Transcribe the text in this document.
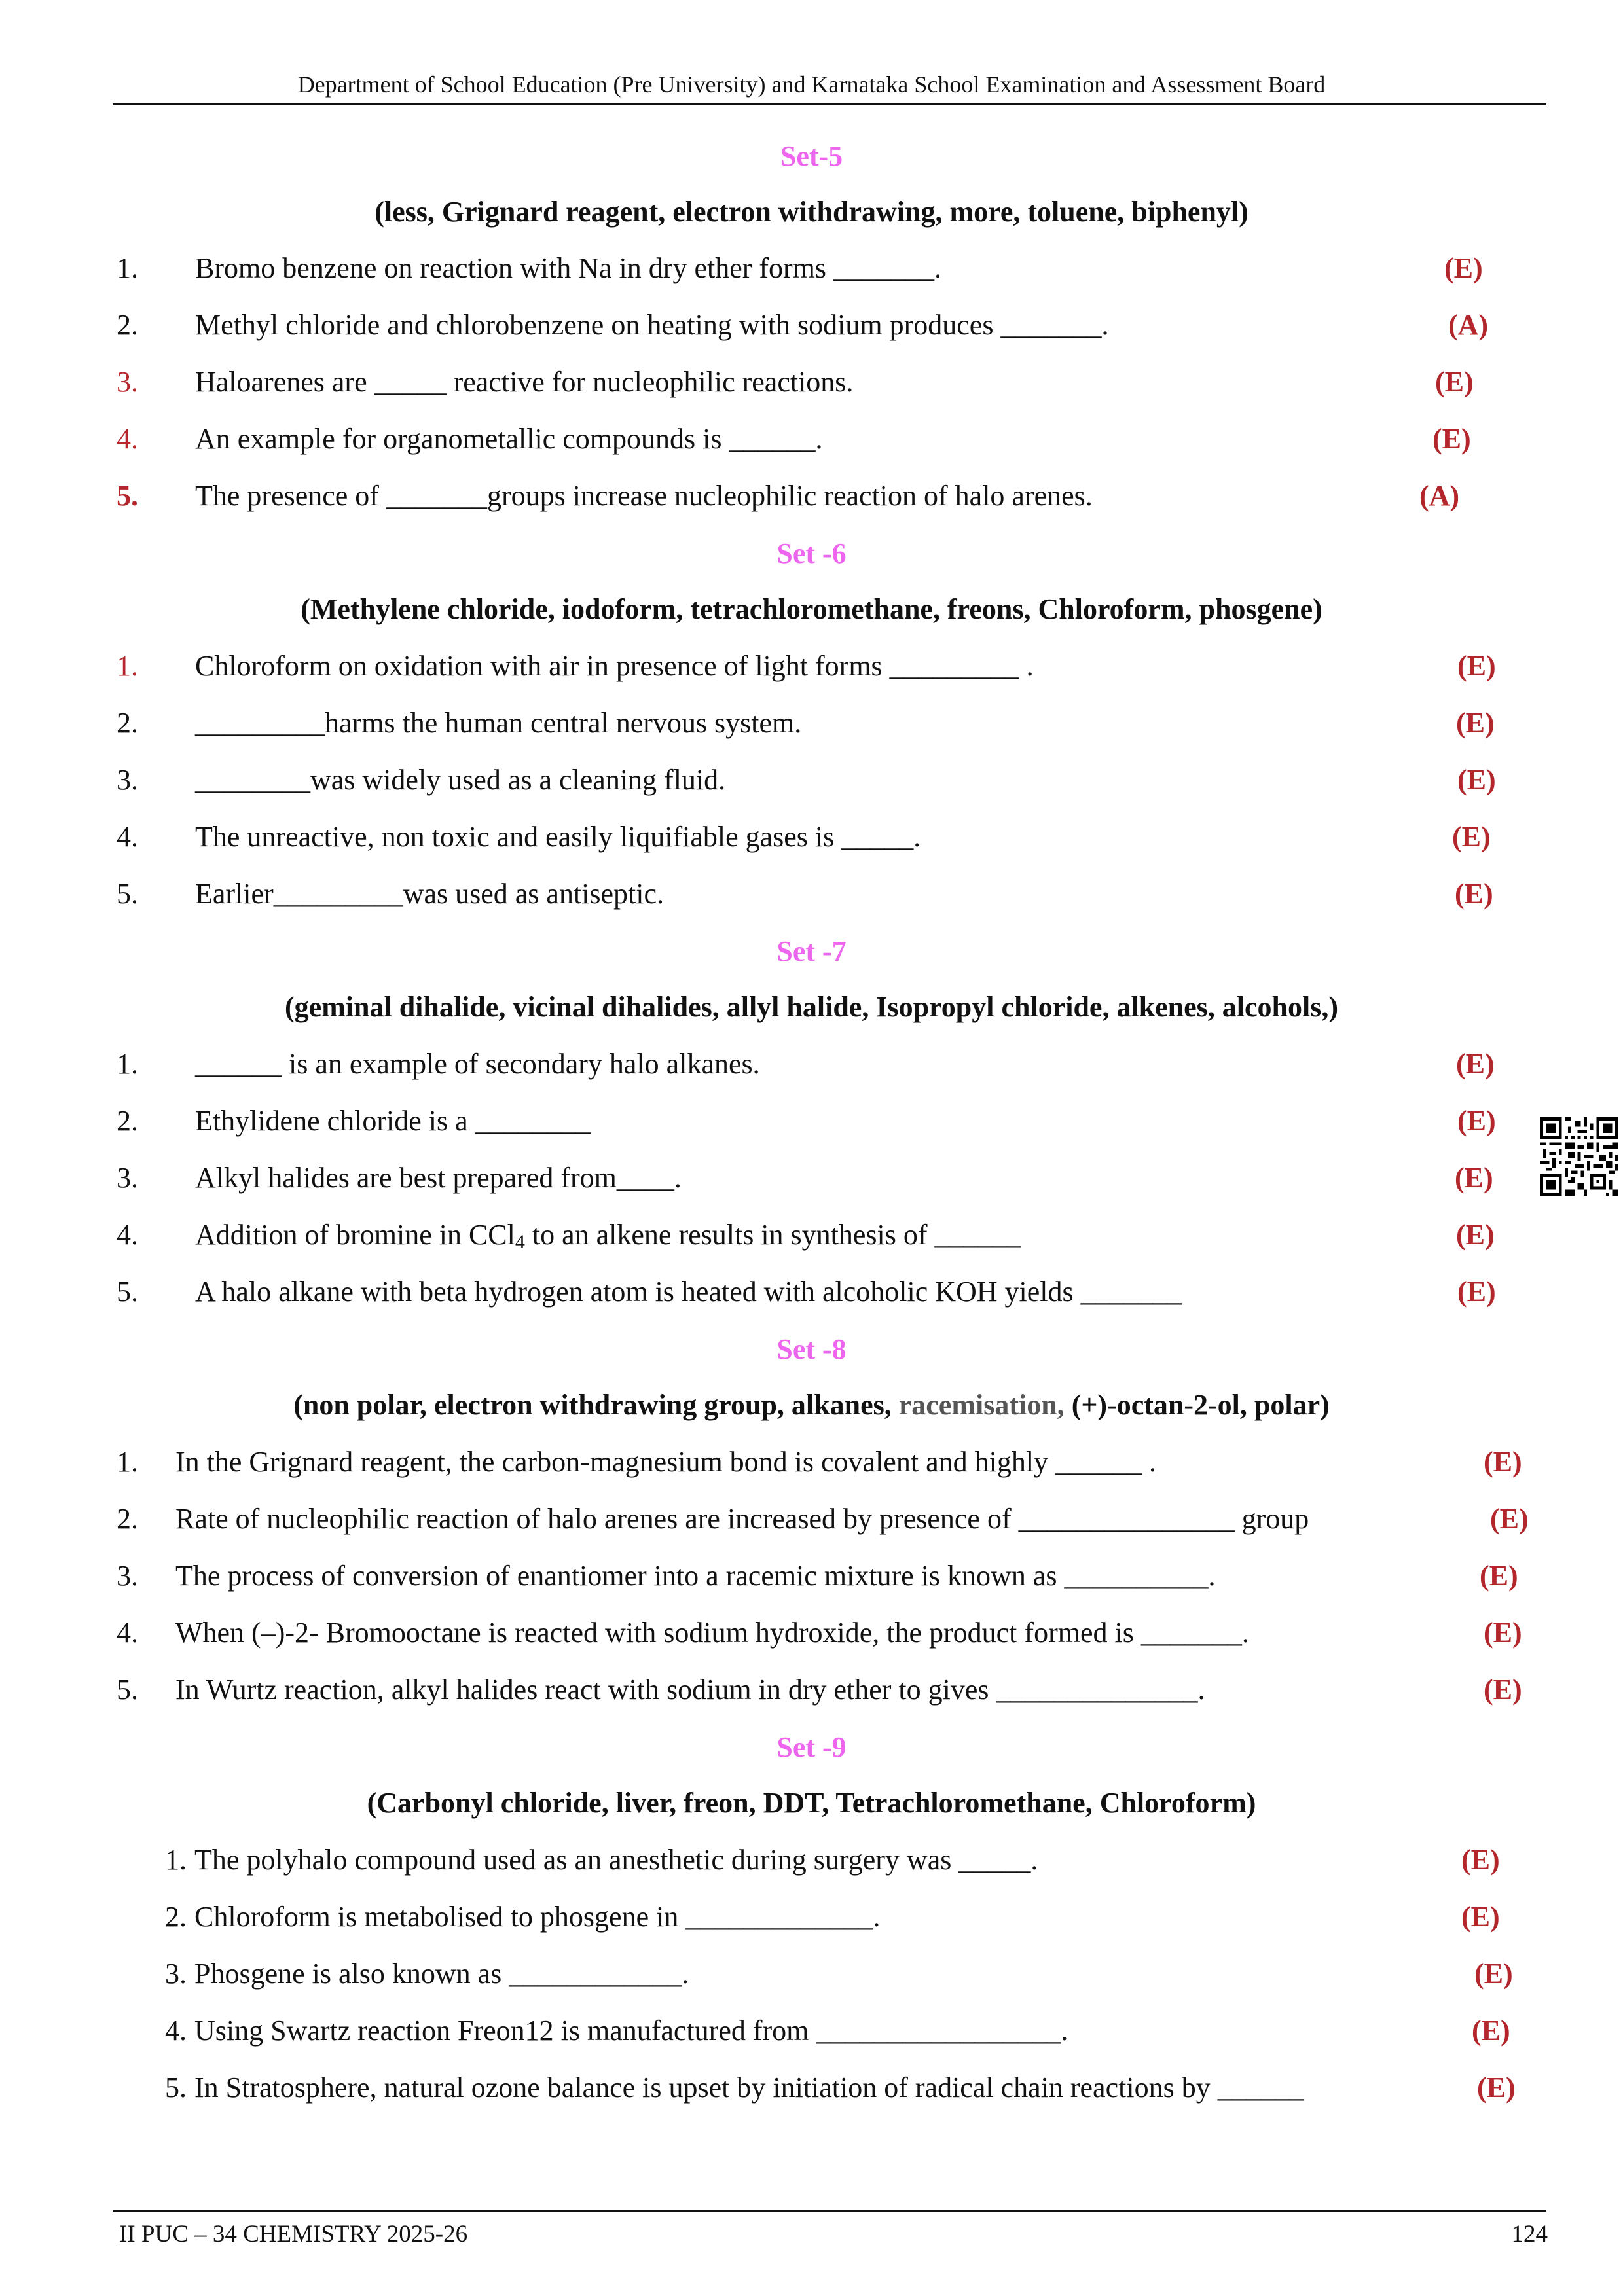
Department of School Education (Pre University) and Karnataka School Examination and Assessment Board
Set-5
(less, Grignard reagent, electron withdrawing, more, toluene, biphenyl)
1. Bromo benzene on reaction with Na in dry ether forms _______.	(E)
2. Methyl chloride and chlorobenzene on heating with sodium produces _______.	(A)
3. Haloarenes are _____ reactive for nucleophilic reactions.	(E)
4. An example for organometallic compounds is ______.	(E)
5. The presence of _______groups increase nucleophilic reaction of halo arenes.	(A)
Set -6
(Methylene chloride, iodoform, tetrachloromethane, freons, Chloroform, phosgene)
1. Chloroform on oxidation with air in presence of light forms _________ .	(E)
2. _________harms the human central nervous system.	(E)
3. ________was widely used as a cleaning fluid.	(E)
4. The unreactive, non toxic and easily liquifiable gases is _____.	(E)
5. Earlier_________was used as antiseptic.	(E)
Set -7
(geminal dihalide, vicinal dihalides, allyl halide, Isopropyl chloride, alkenes, alcohols,)
1. ______ is an example of secondary halo alkanes.	(E)
2. Ethylidene chloride is a ________	(E)
3. Alkyl halides are best prepared from____.	(E)
4. Addition of bromine in CCl$_4$ to an alkene results in synthesis of ______	(E)
5. A halo alkane with beta hydrogen atom is heated with alcoholic KOH yields _______	(E)
Set -8
(non polar, electron withdrawing group, alkanes, racemisation, (+)-octan-2-ol, polar)
1. In the Grignard reagent, the carbon-magnesium bond is covalent and highly ______ .	(E)
2. Rate of nucleophilic reaction of halo arenes are increased by presence of _______________ group	(E)
3. The process of conversion of enantiomer into a racemic mixture is known as __________.	(E)
4. When (–)-2- Bromooctane is reacted with sodium hydroxide, the product formed is _______.	(E)
5. In Wurtz reaction, alkyl halides react with sodium in dry ether to gives ______________.	(E)
Set -9
(Carbonyl chloride, liver, freon, DDT, Tetrachloromethane, Chloroform)
1. The polyhalo compound used as an anesthetic during surgery was _____.	(E)
2. Chloroform is metabolised to phosgene in _____________.	(E)
3. Phosgene is also known as ____________.	(E)
4. Using Swartz reaction Freon12 is manufactured from _________________.	(E)
5. In Stratosphere, natural ozone balance is upset by initiation of radical chain reactions by ______	(E)
II PUC – 34 CHEMISTRY 2025-26	124
